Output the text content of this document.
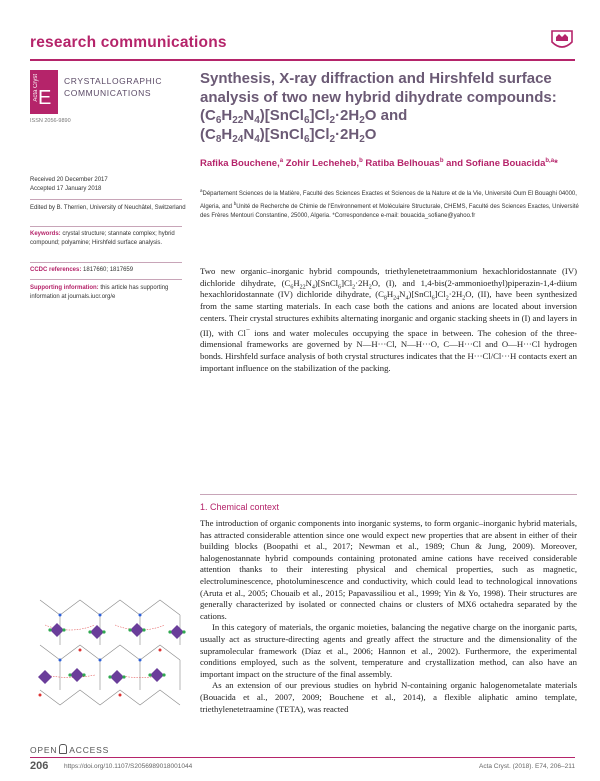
research communications
Acta Cryst E
CRYSTALLOGRAPHIC
COMMUNICATIONS
ISSN 2056-9890
Synthesis, X-ray diffraction and Hirshfeld surface
analysis of two new hybrid dihydrate compounds:
$(C_6H_{22}N_4)[SnCl_6]Cl_2\cdot 2H_2O$ and
$(C_8H_{24}N_4)[SnCl_6]Cl_2\cdot 2H_2O$
Rafika Bouchene,$^a$ Zohir Lecheheb,$^b$ Ratiba Belhouas$^b$ and Sofiane Bouacida$^{b,a}$*
Received 20 December 2017
Accepted 17 January 2018
Edited by B. Therrien, University of Neuchâtel, Switzerland
Keywords: crystal structure; stannate complex; hybrid compound; polyamine; Hirshfeld surface analysis.
CCDC references: 1817660; 1817659
Supporting information: this article has supporting information at journals.iucr.org/e
$^a$Département Sciences de la Matière, Faculté des Sciences Exactes et Sciences de la Nature et de la Vie, Université Oum El Bouaghi 04000, Algeria, and $^b$Unité de Recherche de Chimie de l'Environnement et Moléculaire Structurale, CHEMS, Faculté des Sciences Exactes, Université des Frères Mentouri Constantine, 25000, Algeria. *Correspondence e-mail: bouacida_sofiane@yahoo.fr
Two new organic–inorganic hybrid compounds, triethylenetetraammonium hexachloridostannate (IV) dichloride dihydrate, $(C_6H_{22}N_4)[SnCl_6]Cl_2\cdot 2H_2O$, (I), and 1,4-bis(2-ammonioethyl)piperazin-1,4-diium hexachloridostannate (IV) dichloride dihydrate, $(C_8H_{24}N_4)[SnCl_6]Cl_2\cdot 2H_2O$, (II), have been synthesized from the same starting materials. In each case both the cations and anions are located about inversion centers. Their crystal structures exhibits alternating inorganic and organic stacking sheets in (I) and layers in (II), with Cl− ions and water molecules occupying the space in between. The cohesion of the three-dimensional frameworks are governed by N—H···Cl, N—H···O, C—H···Cl and O—H···Cl hydrogen bonds. Hirshfeld surface analysis of both crystal structures indicates that the H···Cl/Cl···H contacts exert an important influence on the stabilization of the packing.
1. Chemical context

The introduction of organic components into inorganic systems, to form organic–inorganic hybrid materials, has attracted considerable attention since one would expect new properties that are absent in either of their building blocks (Boopathi et al., 2017; Newman et al., 1989; Chun & Jung, 2009). Moreover, halogenostannate hybrid compounds containing protonated amine cations have received considerable attention thanks to their interesting physical and chemical properties, such as magnetic, electroluminescence, photoluminescence and conductivity, which could lead to technological innovations (Aruta et al., 2005; Chouaib et al., 2015; Papavassiliou et al., 1999; Yin & Yo, 1998). Their structures are generally characterized by isolated or connected chains or clusters of MX6 octahedra separated by the cations.

In this category of materials, the organic moieties, balancing the negative charge on the inorganic parts, usually act as structure-directing agents and greatly affect the structure and the dimensionality of the supramolecular framework (Díaz et al., 2006; Hannon et al., 2002). Furthermore, the experimental conditions employed, such as the solvent, temperature and crystallization method, can also have an important impact on the structure of the final assembly.

As an extension of our previous studies on hybrid N-containing organic halogenometalate materials (Bouacida et al., 2007, 2009; Bouchene et al., 2014), a flexible aliphatic amino template, triethylenetetraamine (TETA), was reacted

OPEN ACCESS
206 https://doi.org/10.1107/S2056989018001044	Acta Cryst. (2018). E74, 206–211
